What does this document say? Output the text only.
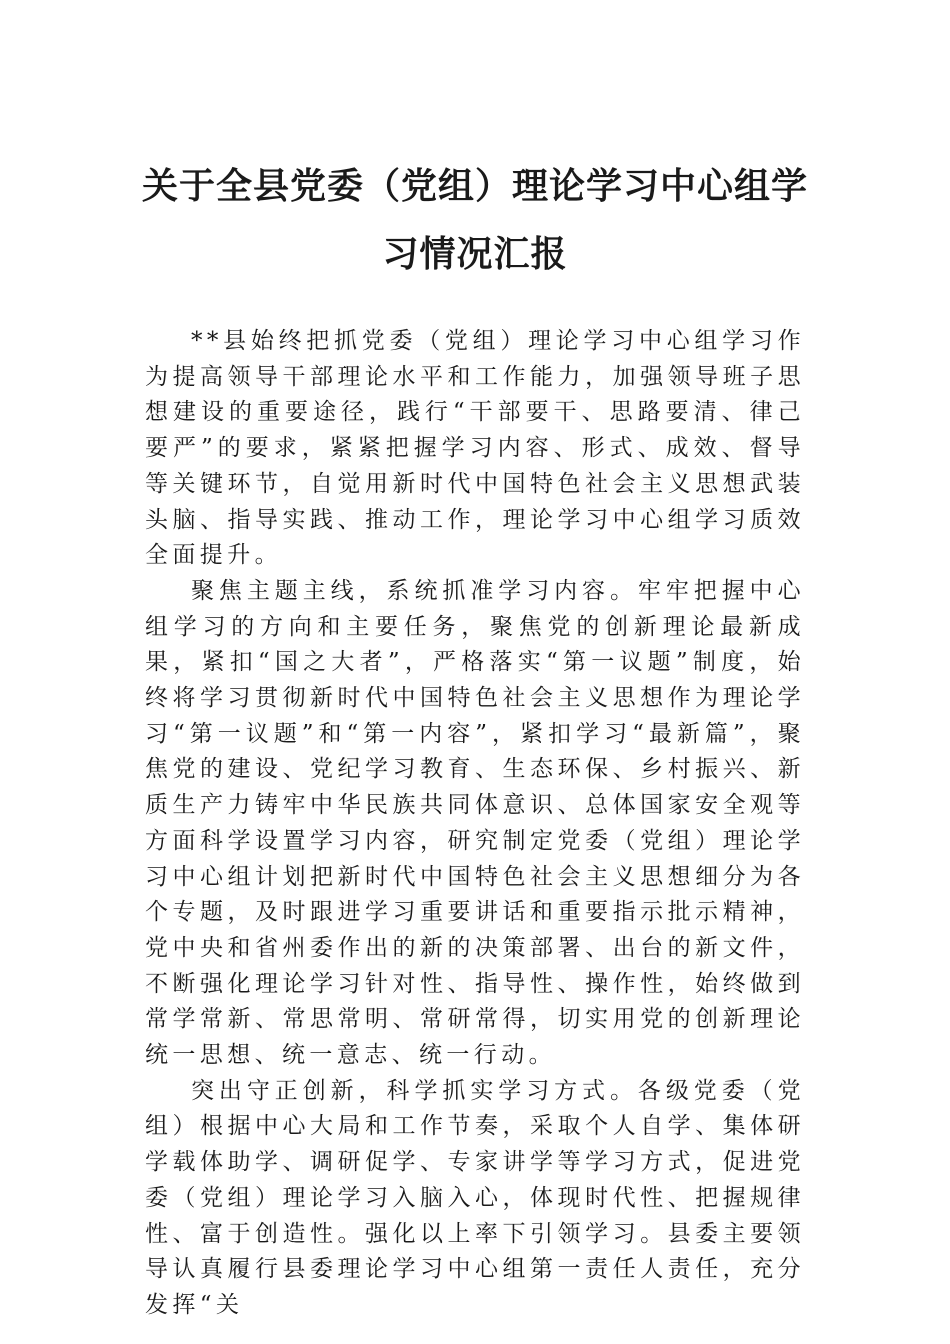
关于全县党委（党组）理论学习中心组学
习情况汇报

**县始终把抓党委（党组）理论学习中心组学习作为提高领导干部理论水平和工作能力，加强领导班子思想建设的重要途径，践行“干部要干、思路要清、律己要严”的要求，紧紧把握学习内容、形式、成效、督导等关键环节，自觉用新时代中国特色社会主义思想武装头脑、指导实践、推动工作，理论学习中心组学习质效全面提升。

聚焦主题主线，系统抓准学习内容。牢牢把握中心组学习的方向和主要任务，聚焦党的创新理论最新成果，紧扣“国之大者”，严格落实“第一议题”制度，始终将学习贯彻新时代中国特色社会主义思想作为理论学习“第一议题”和“第一内容”，紧扣学习“最新篇”，聚焦党的建设、党纪学习教育、生态环保、乡村振兴、新质生产力铸牢中华民族共同体意识、总体国家安全观等方面科学设置学习内容，研究制定党委（党组）理论学习中心组计划把新时代中国特色社会主义思想细分为各个专题，及时跟进学习重要讲话和重要指示批示精神，党中央和省州委作出的新的决策部署、出台的新文件，不断强化理论学习针对性、指导性、操作性，始终做到常学常新、常思常明、常研常得，切实用党的创新理论统一思想、统一意志、统一行动。

突出守正创新，科学抓实学习方式。各级党委（党组）根据中心大局和工作节奏，采取个人自学、集体研学载体助学、调研促学、专家讲学等学习方式，促进党委（党组）理论学习入脑入心，体现时代性、把握规律性、富于创造性。强化以上率下引领学习。县委主要领导认真履行县委理论学习中心组第一责任人责任，充分发挥“关
